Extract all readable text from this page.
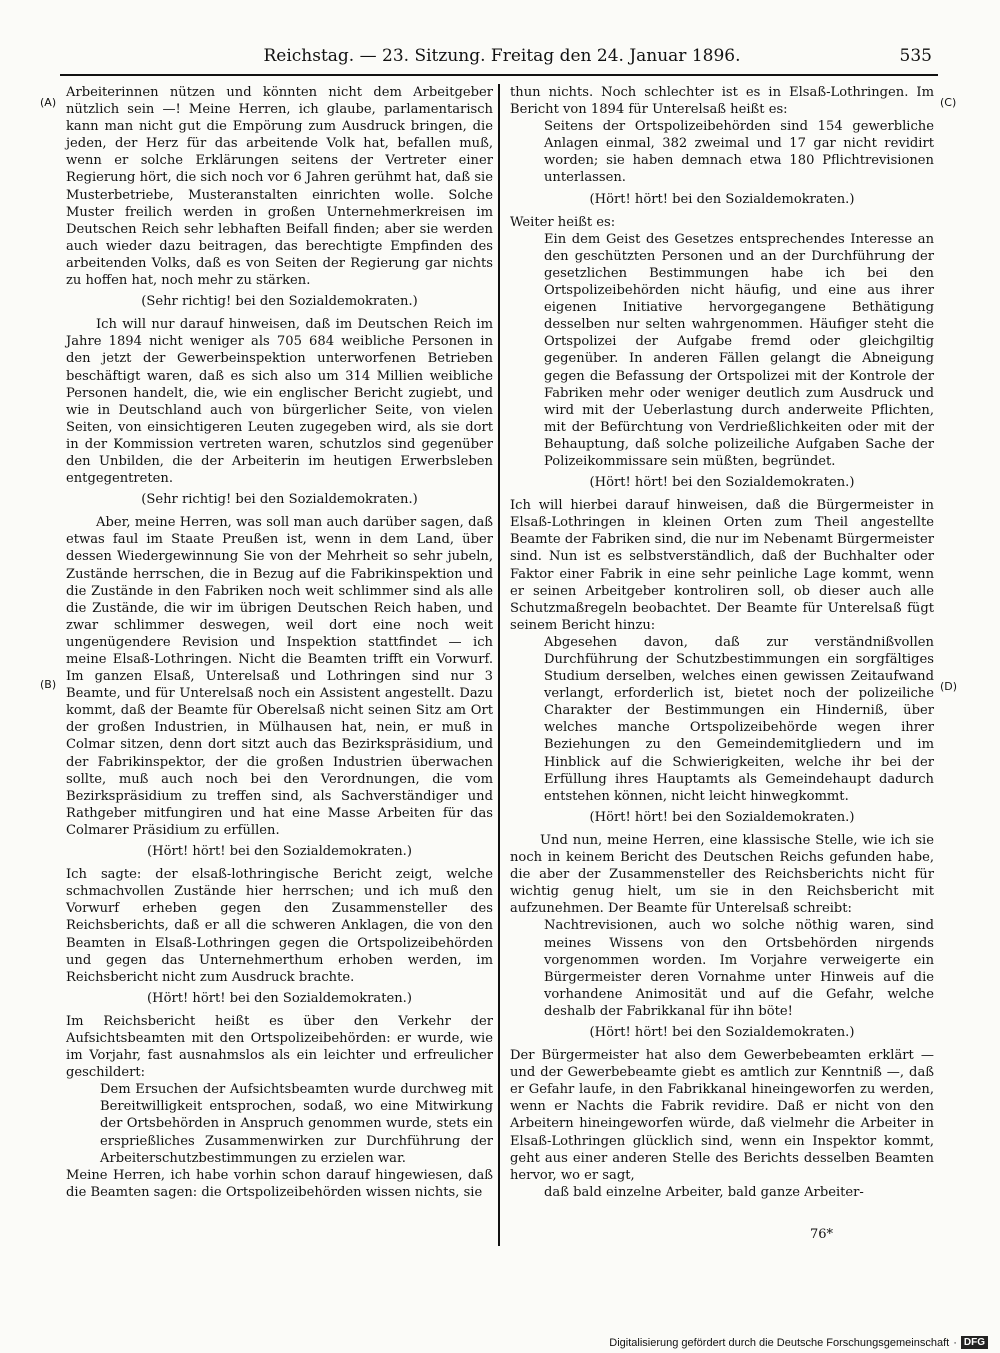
Reichstag. — 23. Sitzung. Freitag den 24. Januar 1896.	535
(A)
(B)
(C)
(D)

Arbeiterinnen nützen und könnten nicht dem Arbeitgeber nützlich sein —! Meine Herren, ich glaube, parlamentarisch kann man nicht gut die Empörung zum Ausdruck bringen, die jeden, der Herz für das arbeitende Volk hat, befallen muß, wenn er solche Erklärungen seitens der Vertreter einer Regierung hört, die sich noch vor 6 Jahren gerühmt hat, daß sie Musterbetriebe, Musteranstalten einrichten wolle. Solche Muster freilich werden in großen Unternehmerkreisen im Deutschen Reich sehr lebhaften Beifall finden; aber sie werden auch wieder dazu beitragen, das berechtigte Empfinden des arbeitenden Volks, daß es von Seiten der Regierung gar nichts zu hoffen hat, noch mehr zu stärken.

(Sehr richtig! bei den Sozialdemokraten.)

Ich will nur darauf hinweisen, daß im Deutschen Reich im Jahre 1894 nicht weniger als 705 684 weibliche Personen in den jetzt der Gewerbeinspektion unterworfenen Betrieben beschäftigt waren, daß es sich also um 314 Millien weibliche Personen handelt, die, wie ein englischer Bericht zugiebt, und wie in Deutschland auch von bürgerlicher Seite, von vielen Seiten, von einsichtigeren Leuten zugegeben wird, als sie dort in der Kommission vertreten waren, schutzlos sind gegenüber den Unbilden, die der Arbeiterin im heutigen Erwerbsleben entgegentreten.

(Sehr richtig! bei den Sozialdemokraten.)

Aber, meine Herren, was soll man auch darüber sagen, daß etwas faul im Staate Preußen ist, wenn in dem Land, über dessen Wiedergewinnung Sie von der Mehrheit so sehr jubeln, Zustände herrschen, die in Bezug auf die Fabrikinspektion und die Zustände in den Fabriken noch weit schlimmer sind als alle die Zustände, die wir im übrigen Deutschen Reich haben, und zwar schlimmer deswegen, weil dort eine noch weit ungenügendere Revision und Inspektion stattfindet — ich meine Elsaß-Lothringen. Nicht die Beamten trifft ein Vorwurf. Im ganzen Elsaß, Unterelsaß und Lothringen sind nur 3 Beamte, und für Unterelsaß noch ein Assistent angestellt. Dazu kommt, daß der Beamte für Oberelsaß nicht seinen Sitz am Ort der großen Industrien, in Mülhausen hat, nein, er muß in Colmar sitzen, denn dort sitzt auch das Bezirkspräsidium, und der Fabrikinspektor, der die großen Industrien überwachen sollte, muß auch noch bei den Verordnungen, die vom Bezirkspräsidium zu treffen sind, als Sachverständiger und Rathgeber mitfungiren und hat eine Masse Arbeiten für das Colmarer Präsidium zu erfüllen.

(Hört! hört! bei den Sozialdemokraten.)

Ich sagte: der elsaß-lothringische Bericht zeigt, welche schmachvollen Zustände hier herrschen; und ich muß den Vorwurf erheben gegen den Zusammensteller des Reichsberichts, daß er all die schweren Anklagen, die von den Beamten in Elsaß-Lothringen gegen die Ortspolizeibehörden und gegen das Unternehmerthum erhoben werden, im Reichsbericht nicht zum Ausdruck brachte.

(Hört! hört! bei den Sozialdemokraten.)

Im Reichsbericht heißt es über den Verkehr der Aufsichtsbeamten mit den Ortspolizeibehörden: er wurde, wie im Vorjahr, fast ausnahmslos als ein leichter und erfreulicher geschildert:

Dem Ersuchen der Aufsichtsbeamten wurde durchweg mit Bereitwilligkeit entsprochen, sodaß, wo eine Mitwirkung der Ortsbehörden in Anspruch genommen wurde, stets ein ersprießliches Zusammenwirken zur Durchführung der Arbeiterschutzbestimmungen zu erzielen war.

Meine Herren, ich habe vorhin schon darauf hingewiesen, daß die Beamten sagen: die Ortspolizeibehörden wissen nichts, sie

thun nichts. Noch schlechter ist es in Elsaß-Lothringen. Im Bericht von 1894 für Unterelsaß heißt es:

Seitens der Ortspolizeibehörden sind 154 gewerbliche Anlagen einmal, 382 zweimal und 17 gar nicht revidirt worden; sie haben demnach etwa 180 Pflichtrevisionen unterlassen.

(Hört! hört! bei den Sozialdemokraten.)

Weiter heißt es:

Ein dem Geist des Gesetzes entsprechendes Interesse an den geschützten Personen und an der Durchführung der gesetzlichen Bestimmungen habe ich bei den Ortspolizeibehörden nicht häufig, und eine aus ihrer eigenen Initiative hervorgegangene Bethätigung desselben nur selten wahrgenommen. Häufiger steht die Ortspolizei der Aufgabe fremd oder gleichgiltig gegenüber. In anderen Fällen gelangt die Abneigung gegen die Befassung der Ortspolizei mit der Kontrole der Fabriken mehr oder weniger deutlich zum Ausdruck und wird mit der Ueberlastung durch anderweite Pflichten, mit der Befürchtung von Verdrießlichkeiten oder mit der Behauptung, daß solche polizeiliche Aufgaben Sache der Polizeikommissare sein müßten, begründet.

(Hört! hört! bei den Sozialdemokraten.)

Ich will hierbei darauf hinweisen, daß die Bürgermeister in Elsaß-Lothringen in kleinen Orten zum Theil angestellte Beamte der Fabriken sind, die nur im Nebenamt Bürgermeister sind. Nun ist es selbstverständlich, daß der Buchhalter oder Faktor einer Fabrik in eine sehr peinliche Lage kommt, wenn er seinen Arbeitgeber kontroliren soll, ob dieser auch alle Schutzmaßregeln beobachtet. Der Beamte für Unterelsaß fügt seinem Bericht hinzu:

Abgesehen davon, daß zur verständnißvollen Durchführung der Schutzbestimmungen ein sorgfältiges Studium derselben, welches einen gewissen Zeitaufwand verlangt, erforderlich ist, bietet noch der polizeiliche Charakter der Bestimmungen ein Hinderniß, über welches manche Ortspolizeibehörde wegen ihrer Beziehungen zu den Gemeindemitgliedern und im Hinblick auf die Schwierigkeiten, welche ihr bei der Erfüllung ihres Hauptamts als Gemeindehaupt dadurch entstehen können, nicht leicht hinwegkommt.

(Hört! hört! bei den Sozialdemokraten.)

Und nun, meine Herren, eine klassische Stelle, wie ich sie noch in keinem Bericht des Deutschen Reichs gefunden habe, die aber der Zusammensteller des Reichsberichts nicht für wichtig genug hielt, um sie in den Reichsbericht mit aufzunehmen. Der Beamte für Unterelsaß schreibt:

Nachtrevisionen, auch wo solche nöthig waren, sind meines Wissens von den Ortsbehörden nirgends vorgenommen worden. Im Vorjahre verweigerte ein Bürgermeister deren Vornahme unter Hinweis auf die vorhandene Animosität und auf die Gefahr, welche deshalb der Fabrikkanal für ihn böte!

(Hört! hört! bei den Sozialdemokraten.)

Der Bürgermeister hat also dem Gewerbebeamten erklärt — und der Gewerbebeamte giebt es amtlich zur Kenntniß —, daß er Gefahr laufe, in den Fabrikkanal hineingeworfen zu werden, wenn er Nachts die Fabrik revidire. Daß er nicht von den Arbeitern hineingeworfen würde, daß vielmehr die Arbeiter in Elsaß-Lothringen glücklich sind, wenn ein Inspektor kommt, geht aus einer anderen Stelle des Berichts desselben Beamten hervor, wo er sagt,

daß bald einzelne Arbeiter, bald ganze Arbeiter-

76*
Digitalisierung gefördert durch die Deutsche Forschungsgemeinschaft · DFG
